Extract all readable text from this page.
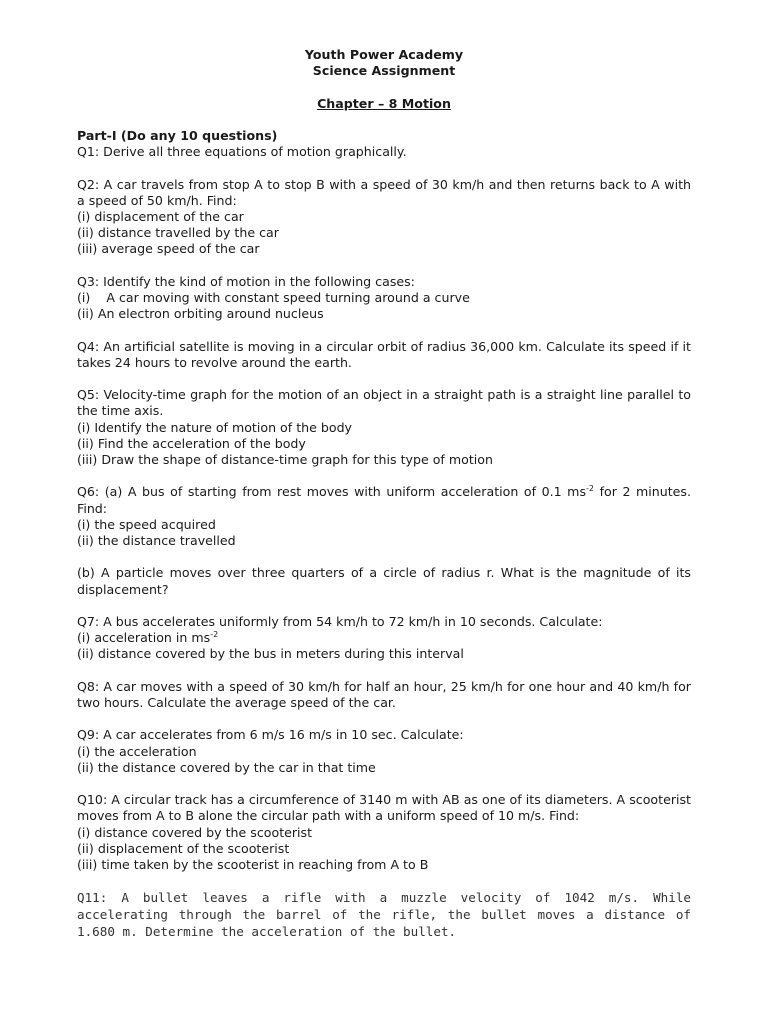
Youth Power Academy
Science Assignment
Chapter – 8 Motion
Part-I (Do any 10 questions)
Q1: Derive all three equations of motion graphically.
Q2: A car travels from stop A to stop B with a speed of 30 km/h and then returns back to A with a speed of 50 km/h. Find:
(i) displacement of the car
(ii) distance travelled by the car
(iii) average speed of the car
Q3: Identify the kind of motion in the following cases:
(i)    A car moving with constant speed turning around a curve
(ii) An electron orbiting around nucleus
Q4: An artificial satellite is moving in a circular orbit of radius 36,000 km. Calculate its speed if it takes 24 hours to revolve around the earth.
Q5: Velocity-time graph for the motion of an object in a straight path is a straight line parallel to the time axis.
(i) Identify the nature of motion of the body
(ii) Find the acceleration of the body
(iii) Draw the shape of distance-time graph for this type of motion
Q6: (a) A bus of starting from rest moves with uniform acceleration of 0.1 $ms^{-2}$ for 2 minutes. Find:
(i) the speed acquired
(ii) the distance travelled
(b) A particle moves over three quarters of a circle of radius r. What is the magnitude of its displacement?
Q7: A bus accelerates uniformly from 54 km/h to 72 km/h in 10 seconds. Calculate:
(i) acceleration in $ms^{-2}$
(ii) distance covered by the bus in meters during this interval
Q8: A car moves with a speed of 30 km/h for half an hour, 25 km/h for one hour and 40 km/h for two hours. Calculate the average speed of the car.
Q9: A car accelerates from 6 m/s 16 m/s in 10 sec. Calculate:
(i) the acceleration
(ii) the distance covered by the car in that time
Q10: A circular track has a circumference of 3140 m with AB as one of its diameters. A scooterist moves from A to B alone the circular path with a uniform speed of 10 m/s. Find:
(i) distance covered by the scooterist
(ii) displacement of the scooterist
(iii) time taken by the scooterist in reaching from A to B
Q11: A bullet leaves a rifle with a muzzle velocity of 1042 m/s. While accelerating through the barrel of the rifle, the bullet moves a distance of 1.680 m. Determine the acceleration of the bullet.
